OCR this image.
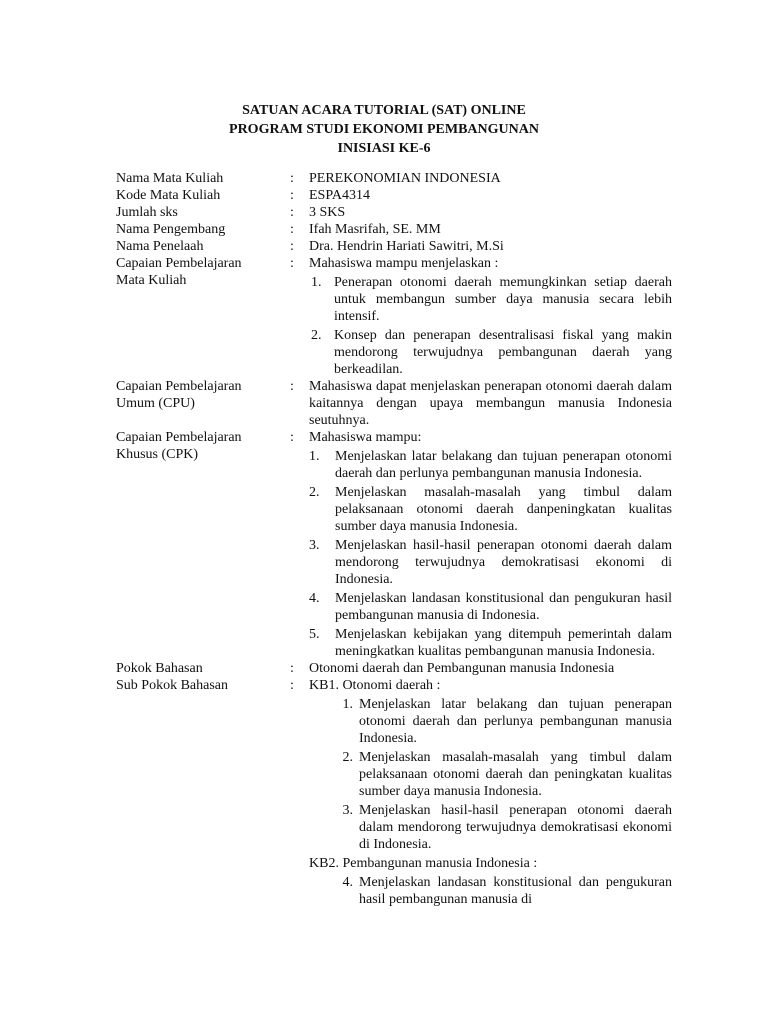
SATUAN ACARA TUTORIAL (SAT) ONLINE
PROGRAM STUDI EKONOMI PEMBANGUNAN
INISIASI KE-6
Nama Mata Kuliah	:	PEREKONOMIAN INDONESIA
Kode Mata Kuliah	:	ESPA4314
Jumlah sks	:	3 SKS
Nama Pengembang	:	Ifah Masrifah, SE. MM
Nama Penelaah	:	Dra. Hendrin Hariati Sawitri, M.Si
Capaian Pembelajaran
Mata Kuliah
:	Mahasiswa mampu menjelaskan :
1. Penerapan otonomi daerah memungkinkan setiap daerah untuk membangun sumber daya manusia secara lebih intensif.
2. Konsep dan penerapan desentralisasi fiskal yang makin mendorong terwujudnya pembangunan daerah yang berkeadilan.
Capaian Pembelajaran
Umum (CPU)
:	Mahasiswa dapat menjelaskan penerapan otonomi daerah dalam kaitannya dengan upaya membangun manusia Indonesia seutuhnya.
Capaian Pembelajaran
Khusus (CPK)
:	Mahasiswa mampu:
1.	Menjelaskan latar belakang dan tujuan penerapan otonomi daerah dan perlunya pembangunan manusia Indonesia.
2.	Menjelaskan masalah-masalah yang timbul dalam pelaksanaan otonomi daerah danpeningkatan kualitas sumber daya manusia Indonesia.
3.	Menjelaskan hasil-hasil penerapan otonomi daerah dalam mendorong terwujudnya demokratisasi ekonomi di Indonesia.
4.	Menjelaskan landasan konstitusional dan pengukuran hasil pembangunan manusia di Indonesia.
5.	Menjelaskan kebijakan yang ditempuh pemerintah dalam meningkatkan kualitas pembangunan manusia Indonesia.
Pokok Bahasan	:	Otonomi daerah dan Pembangunan manusia Indonesia
Sub Pokok Bahasan	:	KB1. Otonomi daerah :
1. Menjelaskan latar belakang dan tujuan penerapan otonomi daerah dan perlunya pembangunan manusia Indonesia.
2. Menjelaskan masalah-masalah yang timbul dalam pelaksanaan otonomi daerah dan peningkatan kualitas sumber daya manusia Indonesia.
3. Menjelaskan hasil-hasil penerapan otonomi daerah dalam mendorong terwujudnya demokratisasi ekonomi di Indonesia.
KB2. Pembangunan manusia Indonesia :
4. Menjelaskan landasan konstitusional dan pengukuran hasil pembangunan manusia di
